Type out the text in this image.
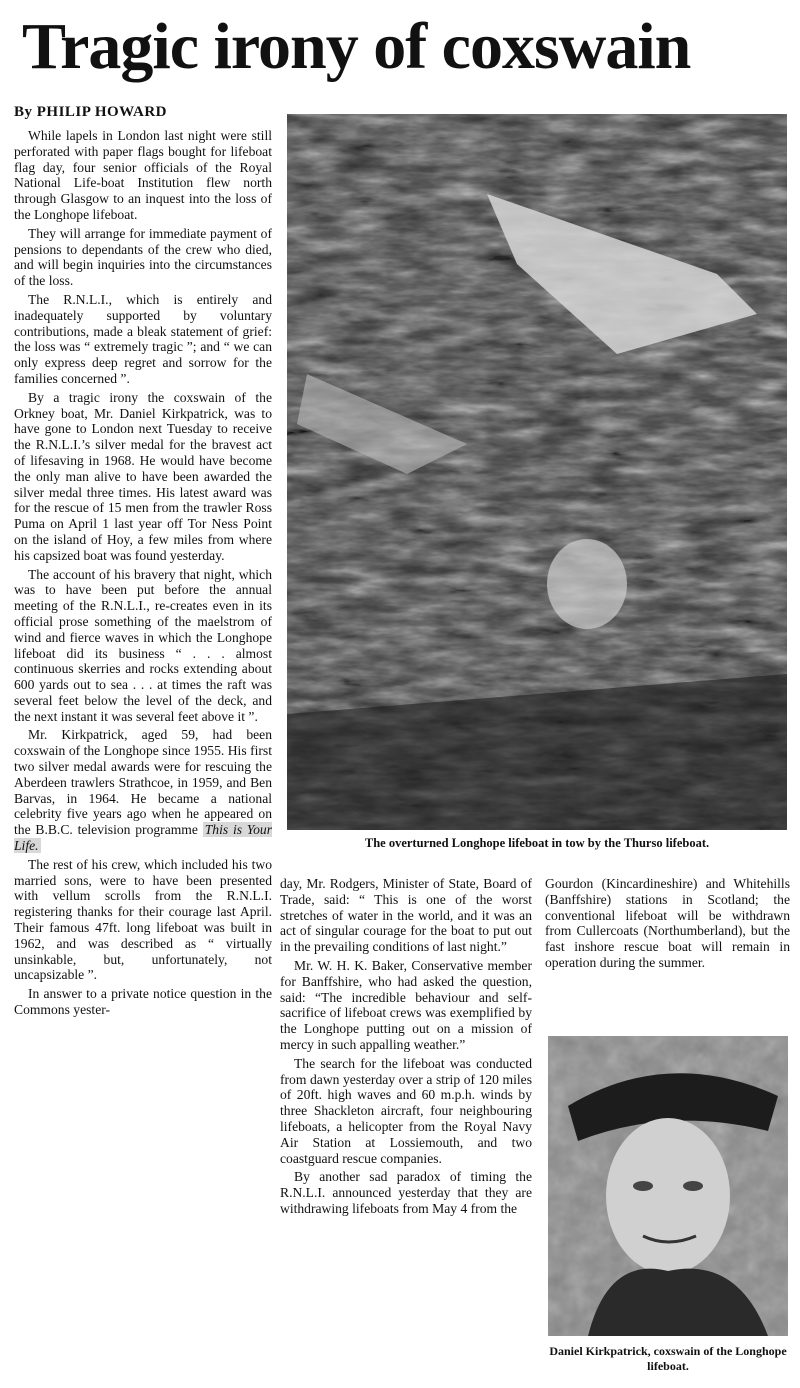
Tragic irony of coxswain
By PHILIP HOWARD

While lapels in London last night were still perforated with paper flags bought for lifeboat flag day, four senior officials of the Royal National Life-boat Institution flew north through Glasgow to an inquest into the loss of the Longhope lifeboat.

They will arrange for immediate payment of pensions to dependants of the crew who died, and will begin inquiries into the circumstances of the loss.

The R.N.L.I., which is entirely and inadequately supported by voluntary contributions, made a bleak statement of grief: the loss was “ extremely tragic ”; and “ we can only express deep regret and sorrow for the families concerned ”.

By a tragic irony the coxswain of the Orkney boat, Mr. Daniel Kirkpatrick, was to have gone to London next Tuesday to receive the R.N.L.I.’s silver medal for the bravest act of lifesaving in 1968. He would have become the only man alive to have been awarded the silver medal three times. His latest award was for the rescue of 15 men from the trawler Ross Puma on April 1 last year off Tor Ness Point on the island of Hoy, a few miles from where his capsized boat was found yesterday.

The account of his bravery that night, which was to have been put before the annual meeting of the R.N.L.I., re-creates even in its official prose something of the maelstrom of wind and fierce waves in which the Longhope lifeboat did its business “ . . . almost continuous skerries and rocks extending about 600 yards out to sea . . . at times the raft was several feet below the level of the deck, and the next instant it was several feet above it ”.

Mr. Kirkpatrick, aged 59, had been coxswain of the Longhope since 1955. His first two silver medal awards were for rescuing the Aberdeen trawlers Strathcoe, in 1959, and Ben Barvas, in 1964. He became a national celebrity five years ago when he appeared on the B.B.C. television programme This is Your Life.

The rest of his crew, which included his two married sons, were to have been presented with vellum scrolls from the R.N.L.I. registering thanks for their courage last April. Their famous 47ft. long lifeboat was built in 1962, and was described as “ virtually unsinkable, but, unfortunately, not uncapsizable ”.

In answer to a private notice question in the Commons yester-

The overturned Longhope lifeboat in tow by the Thurso lifeboat.

day, Mr. Rodgers, Minister of State, Board of Trade, said: “ This is one of the worst stretches of water in the world, and it was an act of singular courage for the boat to put out in the prevailing conditions of last night.”

Mr. W. H. K. Baker, Conservative member for Banffshire, who had asked the question, said: “The incredible behaviour and self-sacrifice of lifeboat crews was exemplified by the Longhope putting out on a mission of mercy in such appalling weather.”

The search for the lifeboat was conducted from dawn yesterday over a strip of 120 miles of 20ft. high waves and 60 m.p.h. winds by three Shackleton aircraft, four neighbouring lifeboats, a helicopter from the Royal Navy Air Station at Lossiemouth, and two coastguard rescue companies.

By another sad paradox of timing the R.N.L.I. announced yesterday that they are withdrawing lifeboats from May 4 from the

Gourdon (Kincardineshire) and Whitehills (Banffshire) stations in Scotland; the conventional lifeboat will be withdrawn from Cullercoats (Northumberland), but the fast inshore rescue boat will remain in operation during the summer.

Daniel Kirkpatrick, coxswain of the Longhope lifeboat.
